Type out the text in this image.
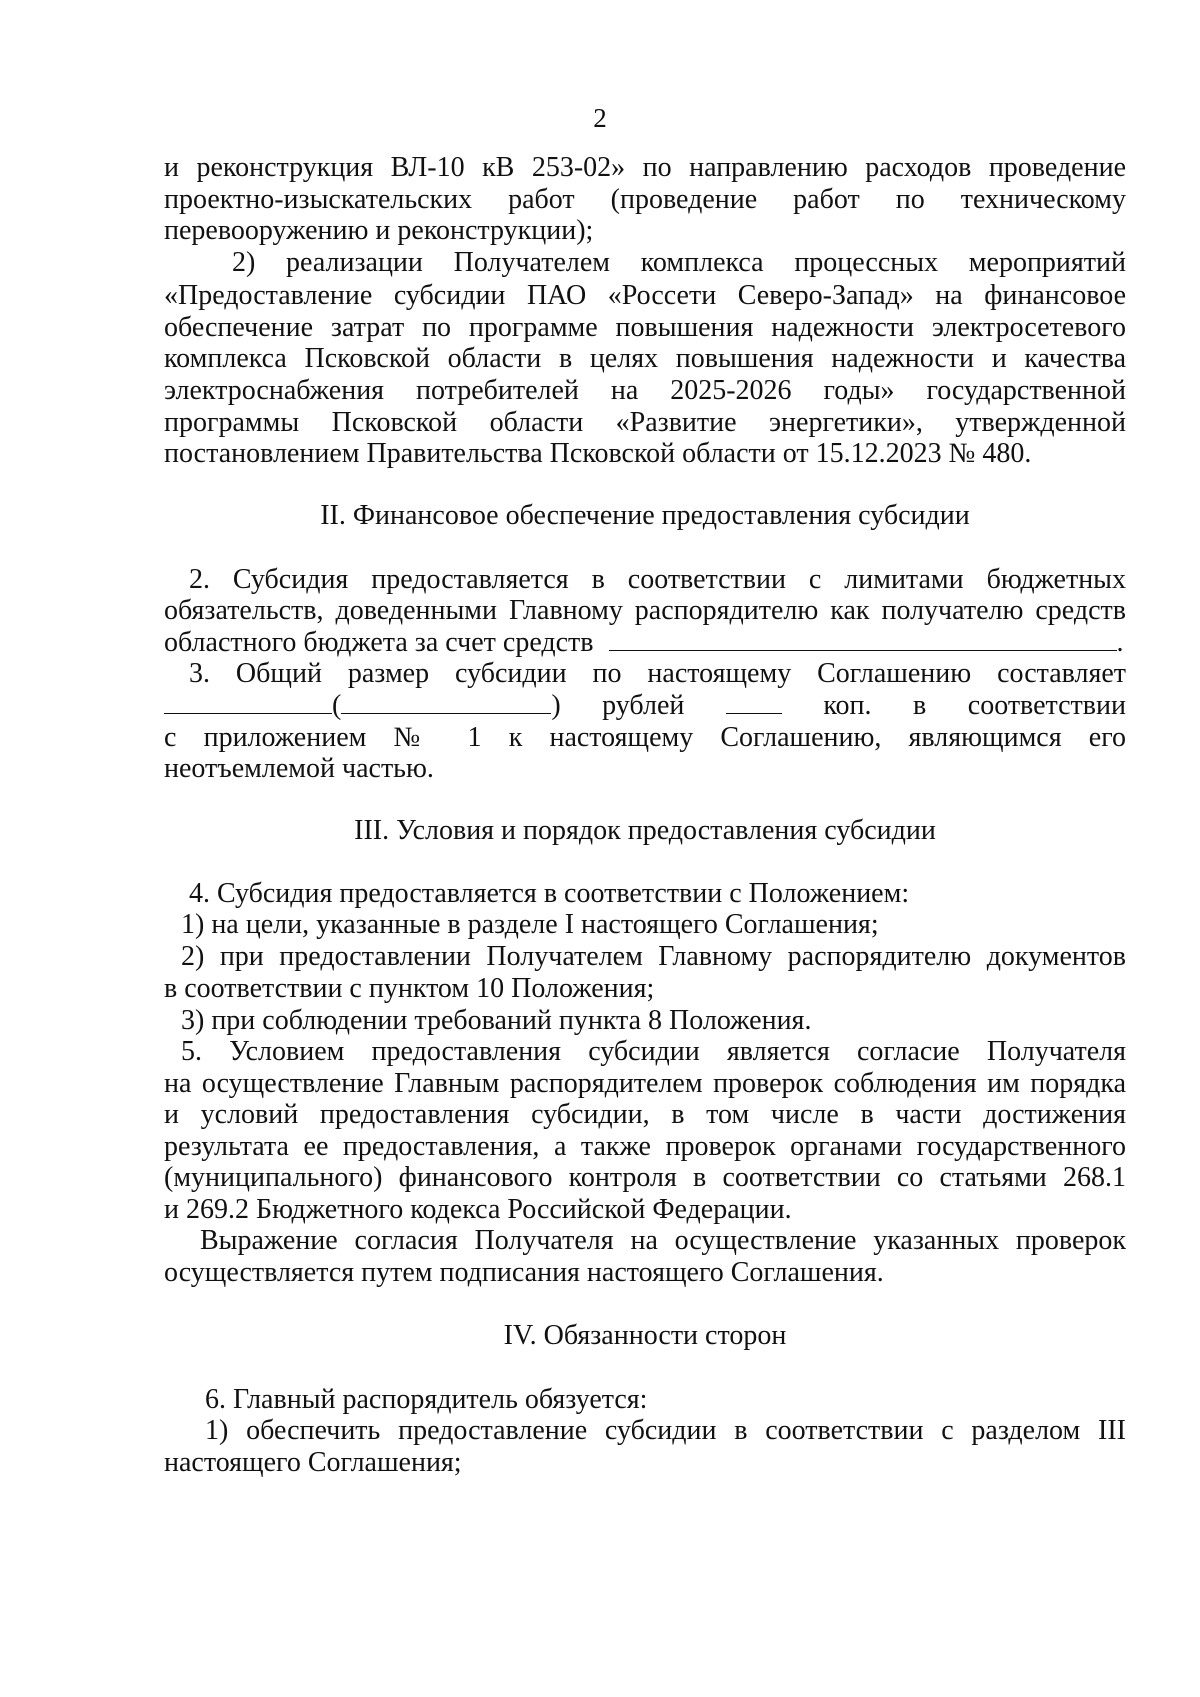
2
и реконструкция ВЛ-10 кВ 253-02» по направлению расходов проведение
проектно-изыскательских работ (проведение работ по техническому
перевооружению и реконструкции);
2) реализации Получателем комплекса процессных мероприятий
«Предоставление субсидии ПАО «Россети Северо-Запад» на финансовое
обеспечение затрат по программе повышения надежности электросетевого
комплекса Псковской области в целях повышения надежности и качества
электроснабжения потребителей на 2025-2026 годы» государственной
программы Псковской области «Развитие энергетики», утвержденной
постановлением Правительства Псковской области от 15.12.2023 № 480.
II. Финансовое обеспечение предоставления субсидии
2. Субсидия предоставляется в соответствии с лимитами бюджетных
обязательств, доведенными Главному распорядителю как получателю средств
областного бюджета за счет средств	.
3. Общий размер субсидии по настоящему Соглашению составляет
(	) рублей	коп. в соответствии
с приложением № 1 к настоящему Соглашению, являющимся его
неотъемлемой частью.
III. Условия и порядок предоставления субсидии
4. Субсидия предоставляется в соответствии с Положением:
1) на цели, указанные в разделе I настоящего Соглашения;
2) при предоставлении Получателем Главному распорядителю документов
в соответствии с пунктом 10 Положения;
3) при соблюдении требований пункта 8 Положения.
5. Условием предоставления субсидии является согласие Получателя
на осуществление Главным распорядителем проверок соблюдения им порядка
и условий предоставления субсидии, в том числе в части достижения
результата ее предоставления, а также проверок органами государственного
(муниципального) финансового контроля в соответствии со статьями 268.1
и 269.2 Бюджетного кодекса Российской Федерации.
Выражение согласия Получателя на осуществление указанных проверок
осуществляется путем подписания настоящего Соглашения.
IV. Обязанности сторон
6. Главный распорядитель обязуется:
1) обеспечить предоставление субсидии в соответствии с разделом III
настоящего Соглашения;
